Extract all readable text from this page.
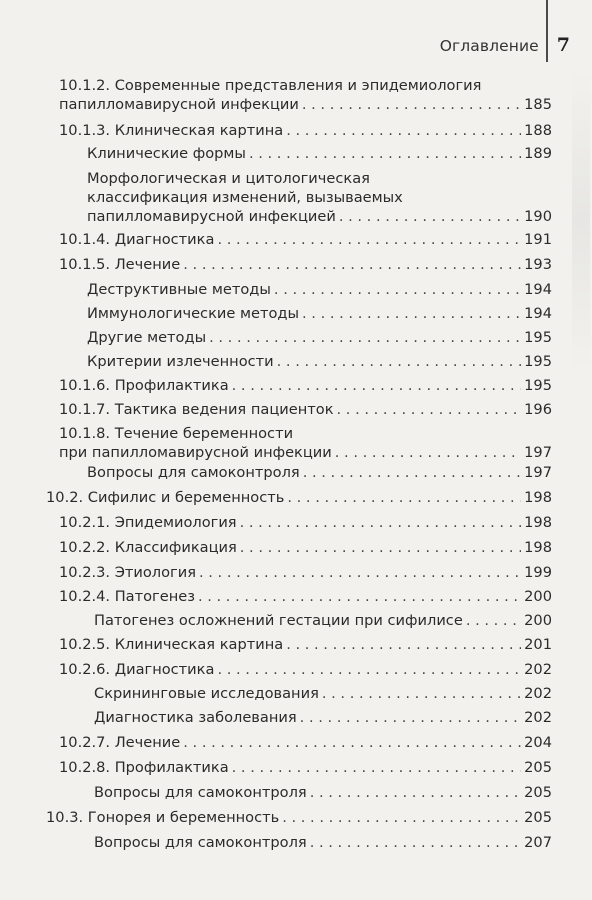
Оглавление 7
10.1.2. Современные представления и эпидемиология
папилломавирусной инфекции . . .	185
10.1.3. Клиническая картина . . .	188
Клинические формы . . .	189
Морфологическая и цитологическая
классификация изменений, вызываемых
папилломавирусной инфекцией . . .	190
10.1.4. Диагностика . . .	191
10.1.5. Лечение . . .	193
Деструктивные методы . . .	194
Иммунологические методы . . .	194
Другие методы . . .	195
Критерии излеченности . . .	195
10.1.6. Профилактика . . .	195
10.1.7. Тактика ведения пациенток . . .	196
10.1.8. Течение беременности
при папилломавирусной инфекции . . .	197
Вопросы для самоконтроля . . .	197
10.2. Сифилис и беременность . . .	198
10.2.1. Эпидемиология . . .	198
10.2.2. Классификация . . .	198
10.2.3. Этиология . . .	199
10.2.4. Патогенез . . .	200
Патогенез осложнений гестации при сифилисе . . .	200
10.2.5. Клиническая картина . . .	201
10.2.6. Диагностика . . .	202
Скрининговые исследования . . .	202
Диагностика заболевания . . .	202
10.2.7. Лечение . . .	204
10.2.8. Профилактика . . .	205
Вопросы для самоконтроля . . .	205
10.3. Гонорея и беременность . . .	205
Вопросы для самоконтроля . . .	207
